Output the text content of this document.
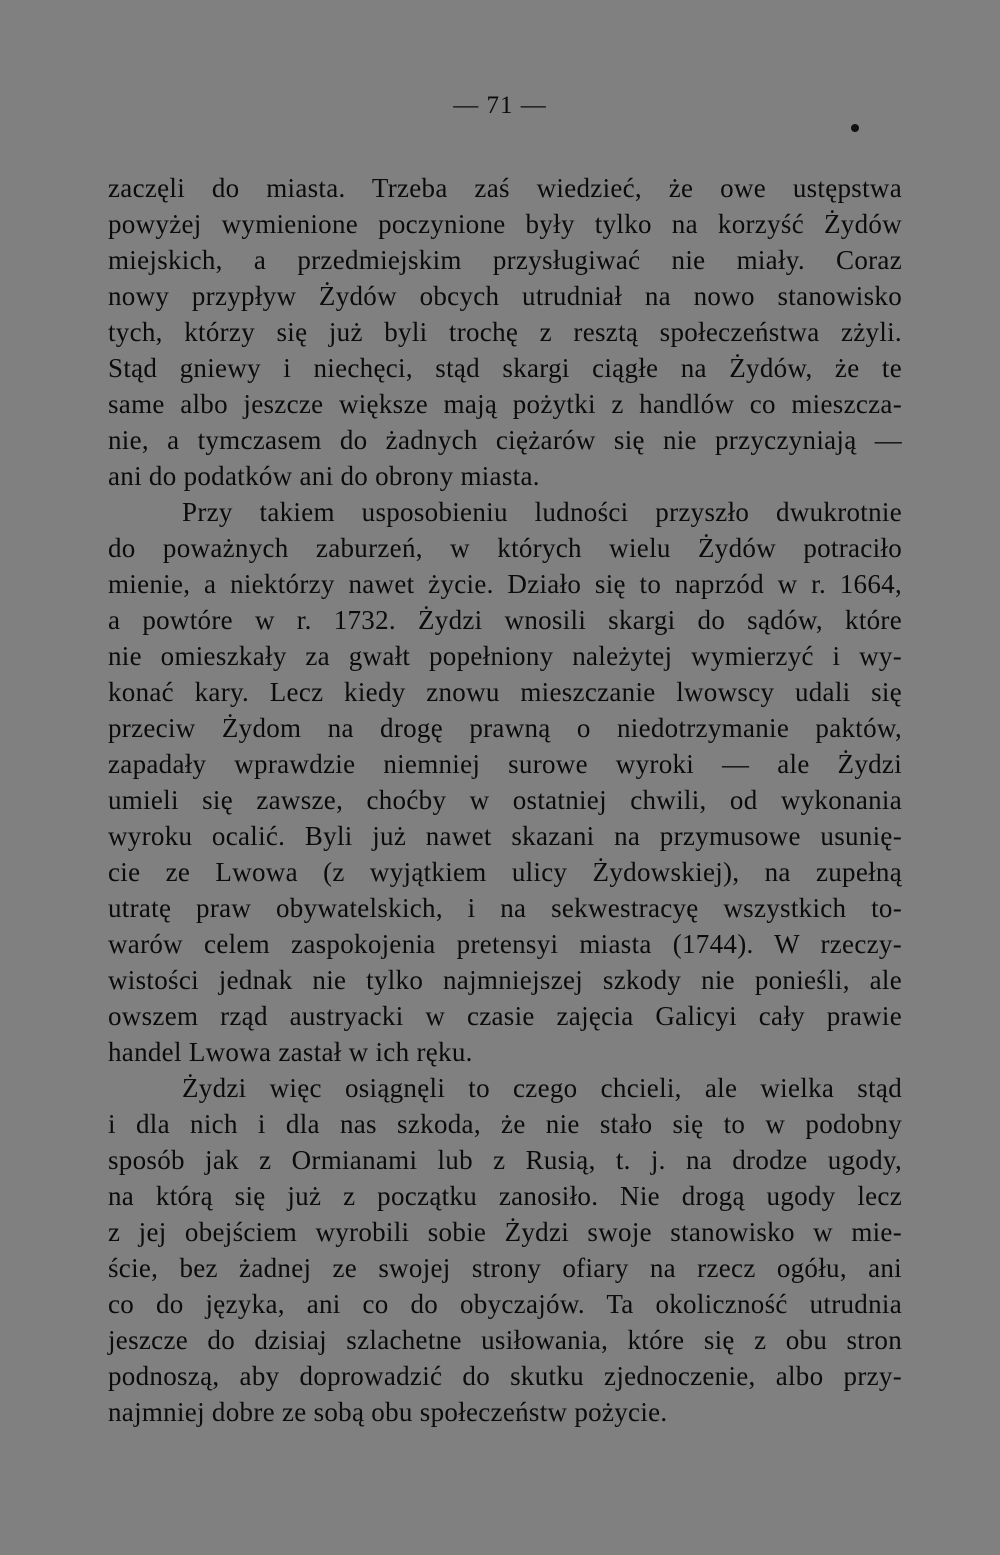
— 71 —
zaczęli do miasta. Trzeba zaś wiedzieć, że owe ustępstwa
powyżej wymienione poczynione były tylko na korzyść Żydów
miejskich, a przedmiejskim przysługiwać nie miały. Coraz
nowy przypływ Żydów obcych utrudniał na nowo stanowisko
tych, którzy się już byli trochę z resztą społeczeństwa zżyli.
Stąd gniewy i niechęci, stąd skargi ciągłe na Żydów, że te
same albo jeszcze większe mają pożytki z handlów co mieszcza-
nie, a tymczasem do żadnych ciężarów się nie przyczyniają —
ani do podatków ani do obrony miasta.
Przy takiem usposobieniu ludności przyszło dwukrotnie
do poważnych zaburzeń, w których wielu Żydów potraciło
mienie, a niektórzy nawet życie. Działo się to naprzód w r. 1664,
a powtóre w r. 1732. Żydzi wnosili skargi do sądów, które
nie omieszkały za gwałt popełniony należytej wymierzyć i wy-
konać kary. Lecz kiedy znowu mieszczanie lwowscy udali się
przeciw Żydom na drogę prawną o niedotrzymanie paktów,
zapadały wprawdzie niemniej surowe wyroki — ale Żydzi
umieli się zawsze, choćby w ostatniej chwili, od wykonania
wyroku ocalić. Byli już nawet skazani na przymusowe usunię-
cie ze Lwowa (z wyjątkiem ulicy Żydowskiej), na zupełną
utratę praw obywatelskich, i na sekwestracyę wszystkich to-
warów celem zaspokojenia pretensyi miasta (1744). W rzeczy-
wistości jednak nie tylko najmniejszej szkody nie ponieśli, ale
owszem rząd austryacki w czasie zajęcia Galicyi cały prawie
handel Lwowa zastał w ich ręku.
Żydzi więc osiągnęli to czego chcieli, ale wielka stąd
i dla nich i dla nas szkoda, że nie stało się to w podobny
sposób jak z Ormianami lub z Rusią, t. j. na drodze ugody,
na którą się już z początku zanosiło. Nie drogą ugody lecz
z jej obejściem wyrobili sobie Żydzi swoje stanowisko w mie-
ście, bez żadnej ze swojej strony ofiary na rzecz ogółu, ani
co do języka, ani co do obyczajów. Ta okoliczność utrudnia
jeszcze do dzisiaj szlachetne usiłowania, które się z obu stron
podnoszą, aby doprowadzić do skutku zjednoczenie, albo przy-
najmniej dobre ze sobą obu społeczeństw pożycie.
